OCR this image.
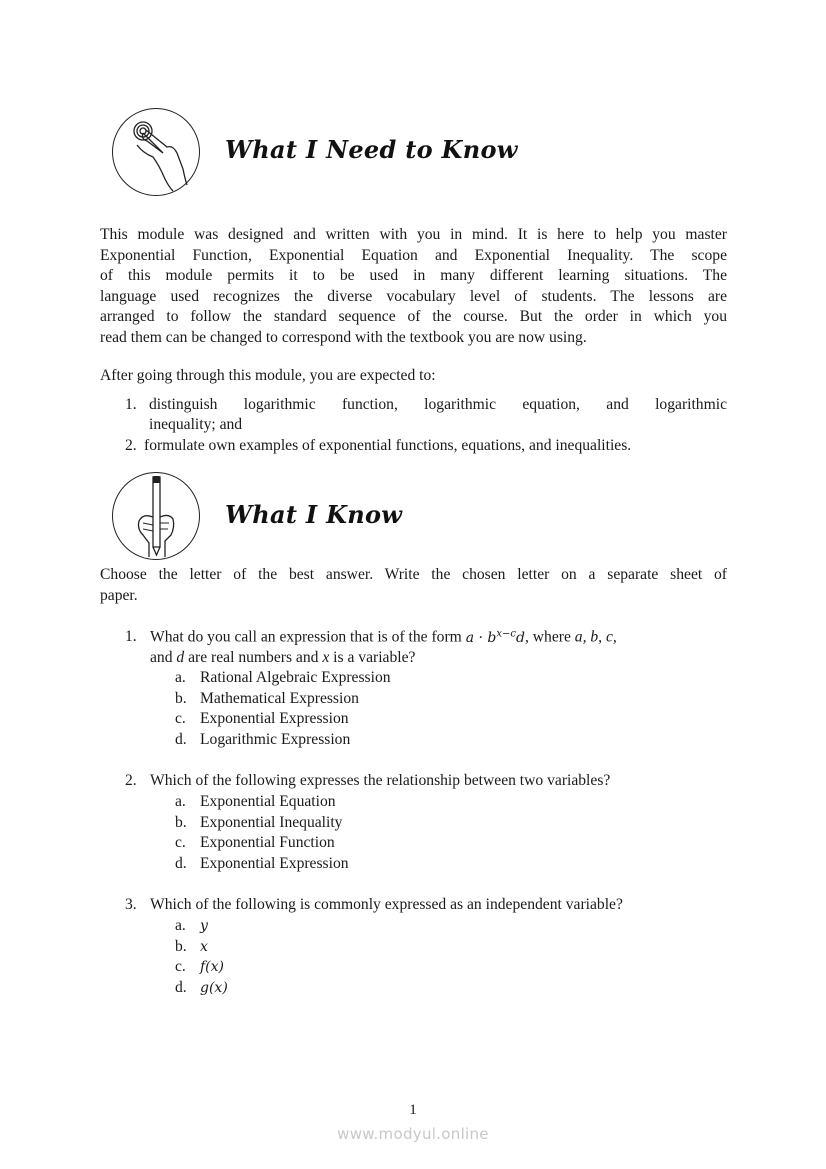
What I Need to Know
This module was designed and written with you in mind. It is here to help you master
Exponential Function, Exponential Equation and Exponential Inequality. The scope
of this module permits it to be used in many different learning situations. The
language used recognizes the diverse vocabulary level of students. The lessons are
arranged to follow the standard sequence of the course. But the order in which you
read them can be changed to correspond with the textbook you are now using.
After going through this module, you are expected to:
1. distinguish logarithmic function, logarithmic equation, and logarithmic
inequality; and
2. formulate own examples of exponential functions, equations, and inequalities.
What I Know
Choose the letter of the best answer. Write the chosen letter on a separate sheet of
paper.
1. What do you call an expression that is of the form $a \cdot b^{x-c}d$, where a, b, c,
and d are real numbers and x is a variable?
a. Rational Algebraic Expression
b. Mathematical Expression
c. Exponential Expression
d. Logarithmic Expression
2. Which of the following expresses the relationship between two variables?
a. Exponential Equation
b. Exponential Inequality
c. Exponential Function
d. Exponential Expression
3. Which of the following is commonly expressed as an independent variable?
a. y
b. x
c. f(x)
d. g(x)
1
www.modyul.online
